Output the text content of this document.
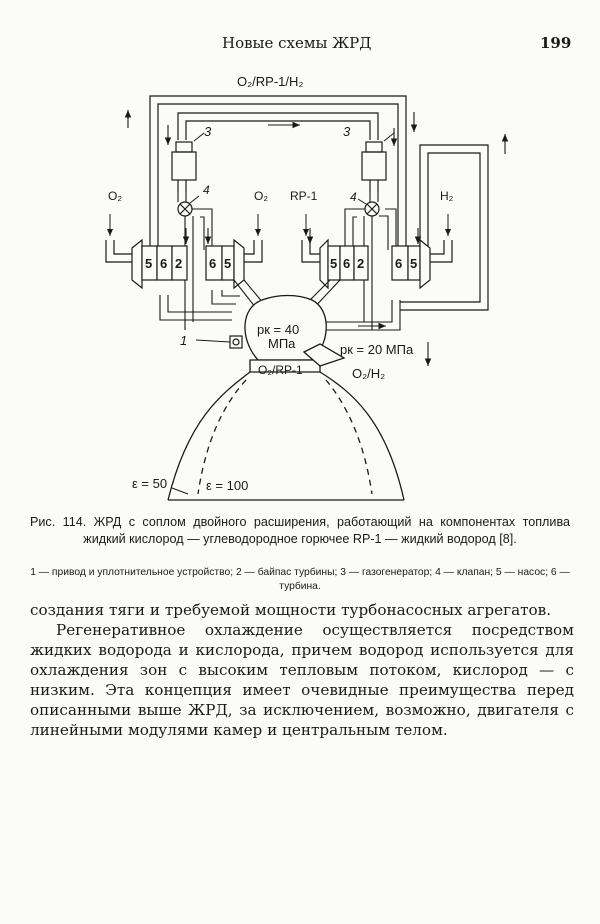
Новые схемы ЖРД	199
O₂/RP-1/H₂
3	3
4	4
O₂
5 6 2 6 5
O₂ RP-1
5 6 2 6 5
H₂
pк = 40
МПа
O₂/RP-1
pк = 20 МПа
O₂/H₂
1
ε = 50	ε = 100
Рис. 114. ЖРД с соплом двойного расширения, работающий на компонентах топлива жидкий кислород — углеводородное горючее RP-1 — жидкий водород [8].
1 — привод и уплотнительное устройство; 2 — байпас турбины; 3 — газогенератор; 4 — клапан; 5 — насос; 6 — турбина.

создания тяги и требуемой мощности турбонасосных агрегатов.

Регенеративное охлаждение осуществляется посредством жидких водорода и кислорода, причем водород используется для охлаждения зон с высоким тепловым потоком, кислород — с низким. Эта концепция имеет очевидные преимущества перед описанными выше ЖРД, за исключением, возможно, двигателя с линейными модулями камер и центральным телом.
